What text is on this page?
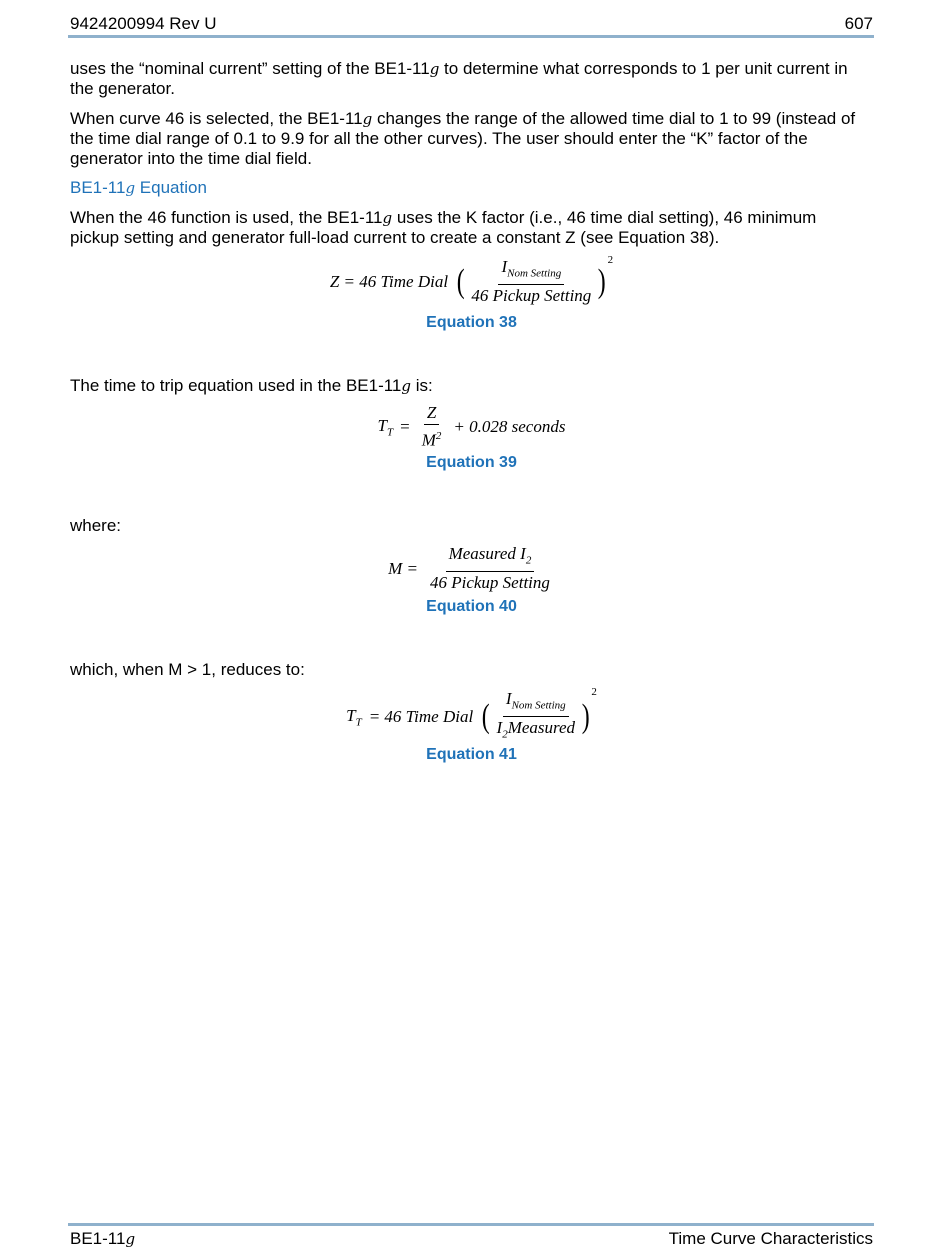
9424200994 Rev U	607

uses the “nominal current” setting of the BE1-11g to determine what corresponds to 1 per unit current in the generator.

When curve 46 is selected, the BE1-11g changes the range of the allowed time dial to 1 to 99 (instead of the time dial range of 0.1 to 9.9 for all the other curves). The user should enter the “K” factor of the generator into the time dial field.

BE1-11g Equation

When the 46 function is used, the BE1-11g uses the K factor (i.e., 46 time dial setting), 46 minimum pickup setting and generator full-load current to create a constant Z (see Equation 38).

Z = 46 Time Dial ( $\frac{I_{Nom Setting}}{\text{46 Pickup Setting}}$ )
2
Equation 38

The time to trip equation used in the BE1-11g is:

$T_T = \frac{Z}{M^2} + 0.028$ seconds
Equation 39

where:

$M = \frac{Measured I_2}{\text{46 Pickup Setting}}$
Equation 40

which, when M > 1, reduces to:

$T_T = 46$ Time Dial ( $\frac{I_{Nom Setting}}{I_2Measured}$ )
2
Equation 41
BE1-11g	Time Curve Characteristics
